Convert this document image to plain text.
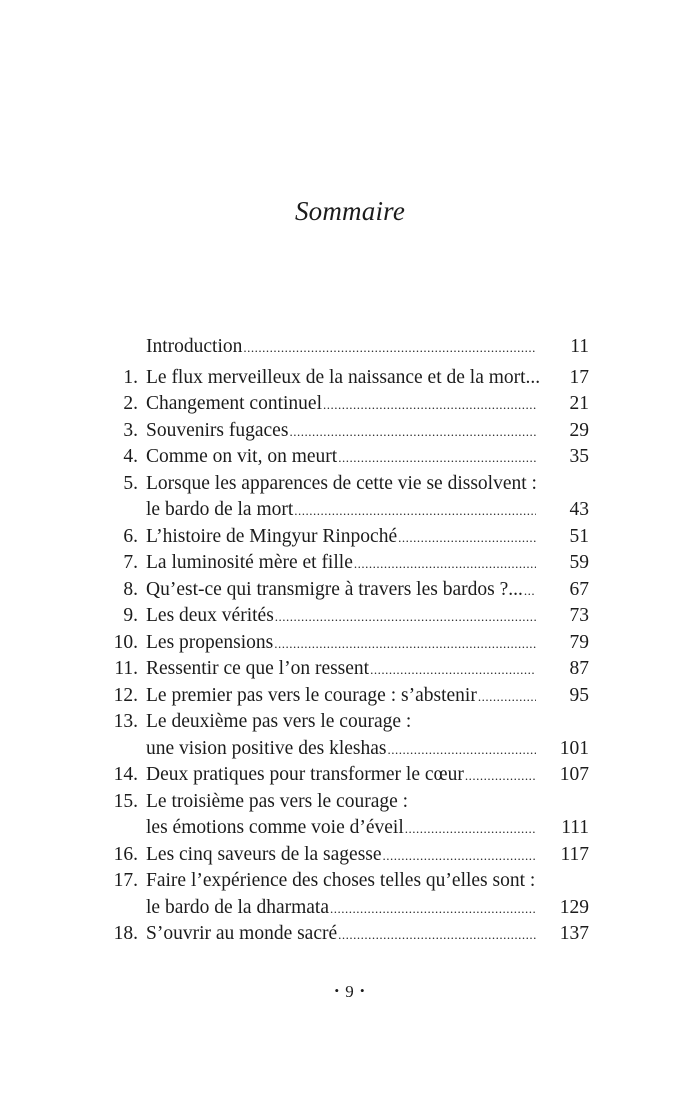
Sommaire
Introduction .....	11
1. Le flux merveilleux de la naissance et de la mort... 17
2. Changement continuel .....	21
3. Souvenirs fugaces .....	29
4. Comme on vit, on meurt .....	35
5. Lorsque les apparences de cette vie se dissolvent :
le bardo de la mort .....	43
6. L’histoire de Mingyur Rinpoché .....	51
7. La luminosité mère et fille .....	59
8. Qu’est-ce qui transmigre à travers les bardos ?... ..... 67
9. Les deux vérités .....	73
10. Les propensions .....	79
11. Ressentir ce que l’on ressent .....	87
12. Le premier pas vers le courage : s’abstenir .....	95
13. Le deuxième pas vers le courage :
une vision positive des kleshas .....	101
14. Deux pratiques pour transformer le cœur .....	107
15. Le troisième pas vers le courage :
les émotions comme voie d’éveil .....	111
16. Les cinq saveurs de la sagesse .....	117
17. Faire l’expérience des choses telles qu’elles sont :
le bardo de la dharmata .....	129
18. S’ouvrir au monde sacré .....	137
• 9 •
